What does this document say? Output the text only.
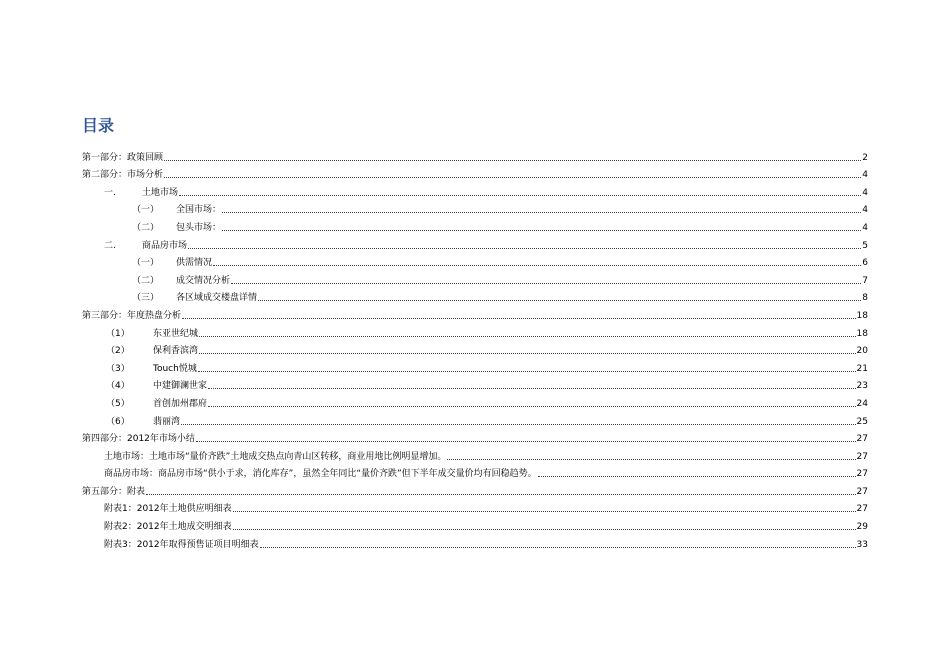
目录
第一部分：政策回顾	2
第二部分：市场分析	4
一.	土地市场	4
（一）	全国市场：	4
（二）	包头市场：	4
二.	商品房市场	5
（一）	供需情况	6
（二）	成交情况分析	7
（三）	各区域成交楼盘详情	8
第三部分：年度热盘分析	18
（1）	东亚世纪城	18
（2）	保利香滨湾	20
（3）	Touch悦城	21
（4）	中建御澜世家	23
（5）	首创加州郡府	24
（6）	翡丽湾	25
第四部分：2012年市场小结	27
土地市场：土地市场“量价齐跌”土地成交热点向青山区转移，商业用地比例明显增加。	27
商品房市场：商品房市场“供小于求，消化库存”，虽然全年同比“量价齐跌”但下半年成交量价均有回稳趋势。	27
第五部分：附表	27
附表1：2012年土地供应明细表	27
附表2：2012年土地成交明细表	29
附表3：2012年取得预售证项目明细表	33
